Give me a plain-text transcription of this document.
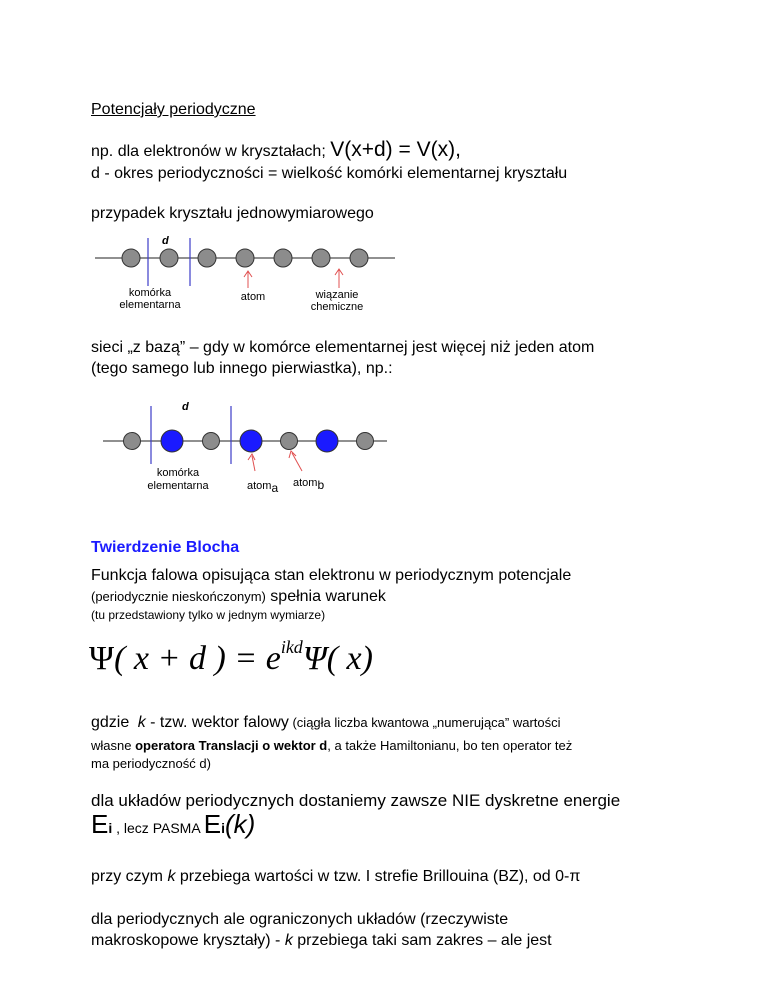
Potencjały periodyczne
np. dla elektronów w kryształach; V(x+d) = V(x),
d - okres periodyczności = wielkość komórki elementarnej kryształu
przypadek kryształu jednowymiarowego
d
komórka
elementarna
atom	wiązanie
chemiczne
sieci „z bazą” – gdy w komórce elementarnej jest więcej niż jeden atom
(tego samego lub innego pierwiastka), np.:
d
komórka
elementarna	atoma atomb
Twierdzenie Blocha
Funkcja falowa opisująca stan elektronu w periodycznym potencjale
(periodycznie nieskończonym) spełnia warunek
(tu przedstawiony tylko w jednym wymiarze)
Ψ( x + d ) = $e^{ikd}\Psi$( x)
gdzie k - tzw. wektor falowy (ciągła liczba kwantowa „numerująca” wartości
własne operatora Translacji o wektor d, a także Hamiltonianu, bo ten operator też
ma periodyczność d)
dla układów periodycznych dostaniemy zawsze NIE dyskretne energie
Ei , lecz PASMA Ei(k)
przy czym k przebiega wartości w tzw. I strefie Brillouina (BZ), od 0-π
dla periodycznych ale ograniczonych układów (rzeczywiste
makroskopowe kryształy) - k przebiega taki sam zakres – ale jest
